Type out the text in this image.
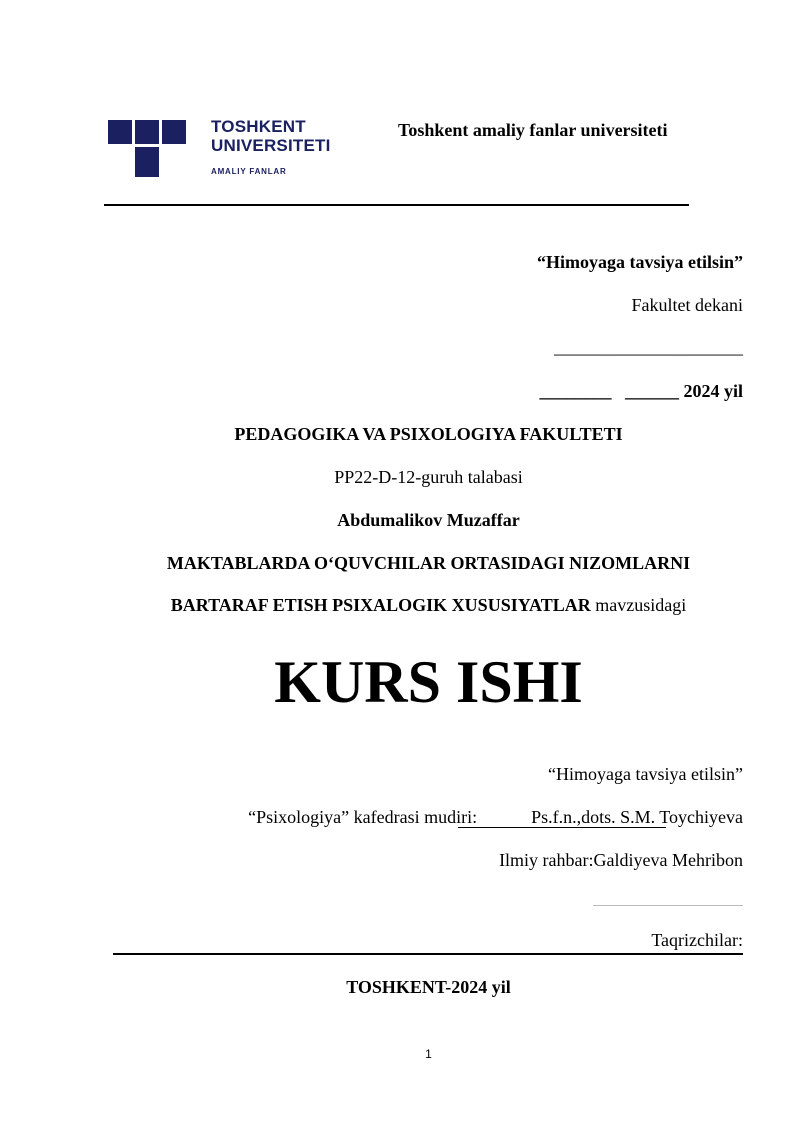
TOSHKENT
UNIVERSITETI
AMALIY FANLAR
Toshkent amaliy fanlar universiteti
“Himoyaga tavsiya etilsin”
Fakultet dekani
_____________________
________ ______ 2024 yil
PEDAGOGIKA VA PSIXOLOGIYA FAKULTETI
PP22-D-12-guruh talabasi
Abdumalikov Muzaffar
MAKTABLARDA O‘QUVCHILAR ORTASIDAGI NIZOMLARNI
BARTARAF ETISH PSIXALOGIK XUSUSIYATLAR mavzusidagi
KURS ISHI
“Himoyaga tavsiya etilsin”
“Psixologiya” kafedrasi mudiri:	Ps.f.n.,dots. S.M. Toychiyeva
Ilmiy rahbar:Galdiyeva Mehribon
Taqrizchilar:
TOSHKENT-2024 yil
1
